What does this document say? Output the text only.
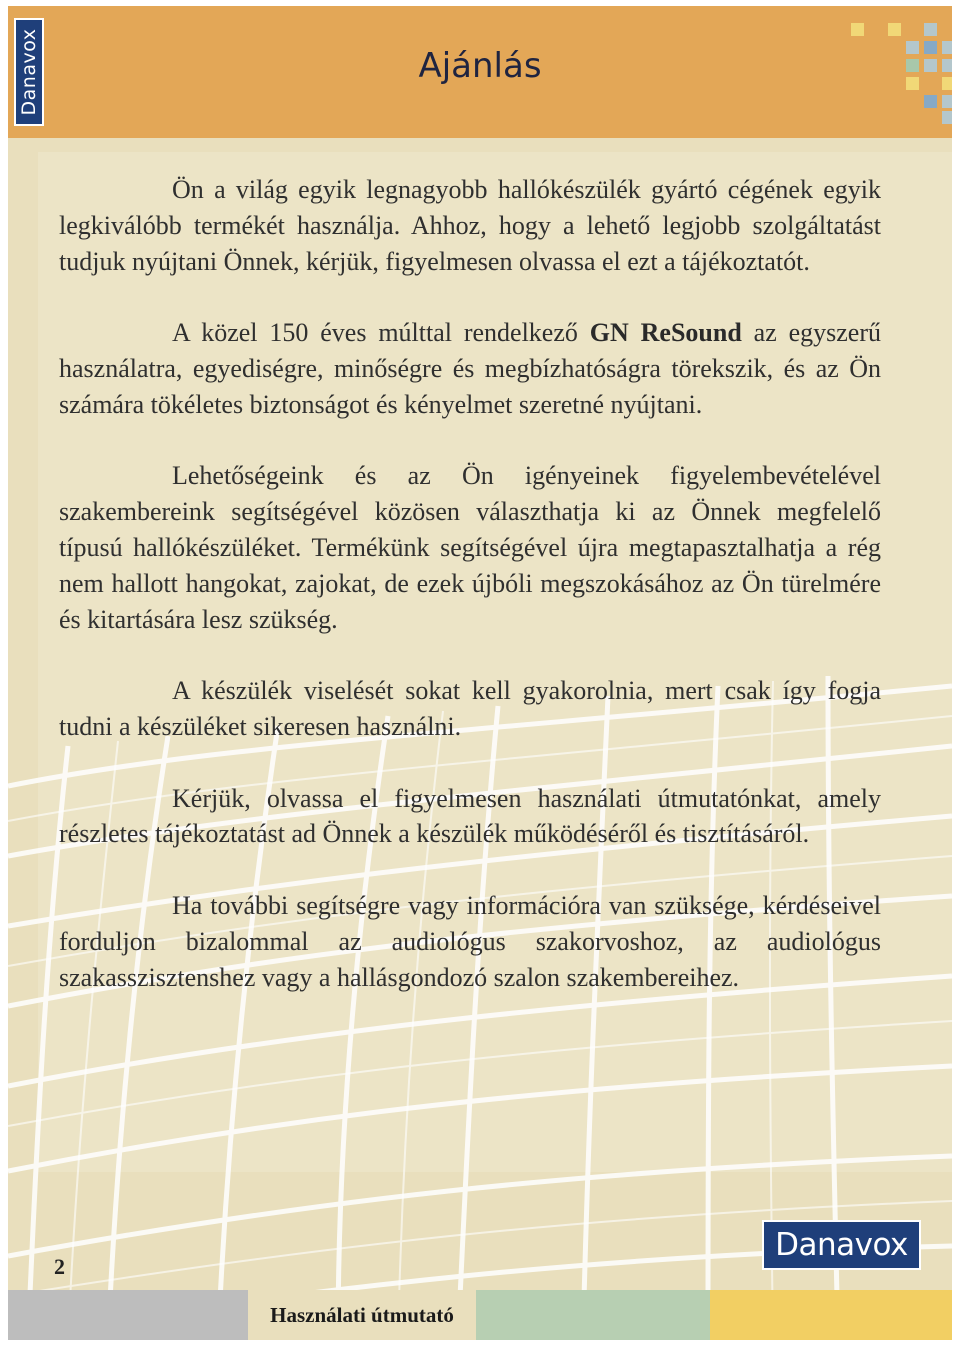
Danavox	Ajánlás
2
Danavox
Használati útmutató

Ön a világ egyik legnagyobb hallókészülék gyártó cégének egyik legkiválóbb termékét használja. Ahhoz, hogy a lehető legjobb szolgáltatást tudjuk nyújtani Önnek, kérjük, figyelmesen olvassa el ezt a tájékoztatót.

A közel 150 éves múlttal rendelkező GN ReSound az egyszerű használatra, egyediségre, minőségre és megbízhatóságra törekszik, és az Ön számára tökéletes biztonságot és kényelmet szeretné nyújtani.

Lehetőségeink és az Ön igényeinek figyelembevételével szakembereink segítségével közösen választhatja ki az Önnek megfelelő típusú hallókészüléket. Termékünk segítségével újra megtapasztalhatja a rég nem hallott hangokat, zajokat, de ezek újbóli megszokásához az Ön türelmére és kitartására lesz szükség.

A készülék viselését sokat kell gyakorolnia, mert csak így fogja tudni a készüléket sikeresen használni.

Kérjük, olvassa el figyelmesen használati útmutatónkat, amely részletes tájékoztatást ad Önnek a készülék működéséről és tisztításáról.

Ha további segítségre vagy információra van szüksége, kérdéseivel forduljon bizalommal az audiológus szakorvoshoz, az audiológus szakasszisztenshez vagy a hallásgondozó szalon szakembereihez.
